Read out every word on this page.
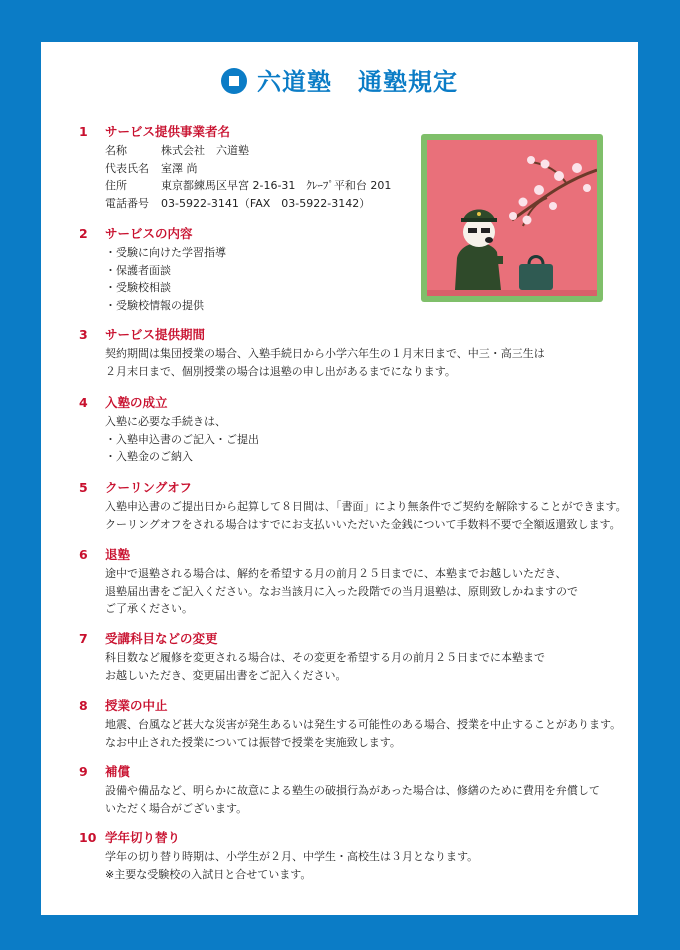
六道塾 通塾規定
1 サービス提供事業者名
名称	株式会社　六道塾
代表氏名 室澤 尚
住所	東京都練馬区早宮 2-16-31　ｸﾚｰﾌﾟ平和台 201
電話番号 03-5922-3141（FAX　03-5922-3142）
2 サービスの内容
・受験に向けた学習指導
・保護者面談
・受験校相談
・受験校情報の提供
3 サービス提供期間
契約期間は集団授業の場合、入塾手続日から小学六年生の１月末日まで、中三・高三生は
２月末日まで、個別授業の場合は退塾の申し出があるまでになります。
4 入塾の成立
入塾に必要な手続きは、
・入塾申込書のご記入・ご提出
・入塾金のご納入
5 クーリングオフ
入塾申込書のご提出日から起算して８日間は､「書面」により無条件でご契約を解除することができます。
クーリングオフをされる場合はすでにお支払いいただいた金銭について手数料不要で全額返還致します。
6 退塾
途中で退塾される場合は、解約を希望する月の前月２５日までに、本塾までお越しいただき、
退塾届出書をご記入ください。なお当該月に入った段階での当月退塾は、原則致しかねますので
ご了承ください。
7 受講科目などの変更
科目数など履修を変更される場合は、その変更を希望する月の前月２５日までに本塾まで
お越しいただき、変更届出書をご記入ください。
8 授業の中止
地震、台風など甚大な災害が発生あるいは発生する可能性のある場合、授業を中止することがあります。
なお中止された授業については振替で授業を実施致します。
9 補償
設備や備品など、明らかに故意による塾生の破損行為があった場合は、修繕のために費用を弁償して
いただく場合がございます。
10 学年切り替り
学年の切り替り時期は、小学生が２月、中学生・高校生は３月となります。
※主要な受験校の入試日と合せています。
